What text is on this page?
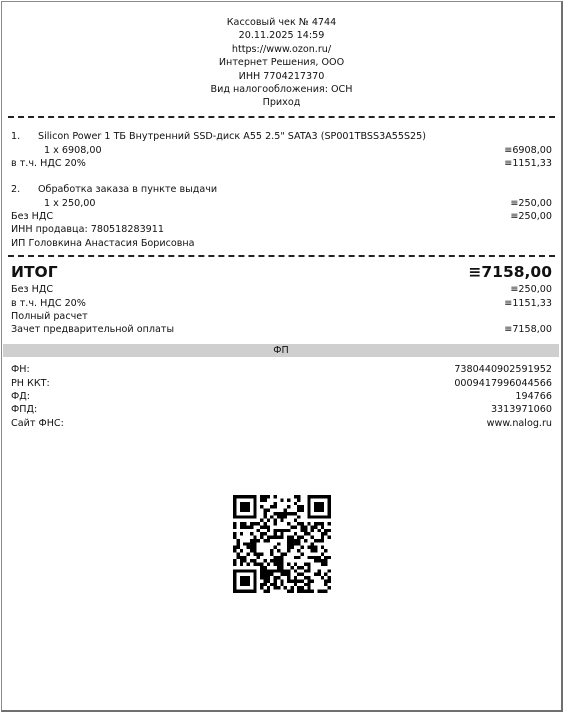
Кассовый чек № 4744
20.11.2025 14:59
https://www.ozon.ru/
Интернет Решения, ООО
ИНН 7704217370
Вид налогообложения: ОСН
Приход
1. Silicon Power 1 ТБ Внутренний SSD-диск A55 2.5" SATA3 (SP001TBSS3A55S25)
1 x 6908,00	≡6908,00
в т.ч. НДС 20%	≡1151,33
2. Обработка заказа в пункте выдачи
1 x 250,00	≡250,00
Без НДС	≡250,00
ИНН продавца: 780518283911
ИП Головкина Анастасия Борисовна
ИТОГ	≡7158,00
Без НДС	≡250,00
в т.ч. НДС 20%	≡1151,33
Полный расчет
Зачет предварительной оплаты	≡7158,00
ФП
ФН:	7380440902591952
РН ККТ:	0009417996044566
ФД:	194766
ФПД:	3313971060
Сайт ФНС:	www.nalog.ru
